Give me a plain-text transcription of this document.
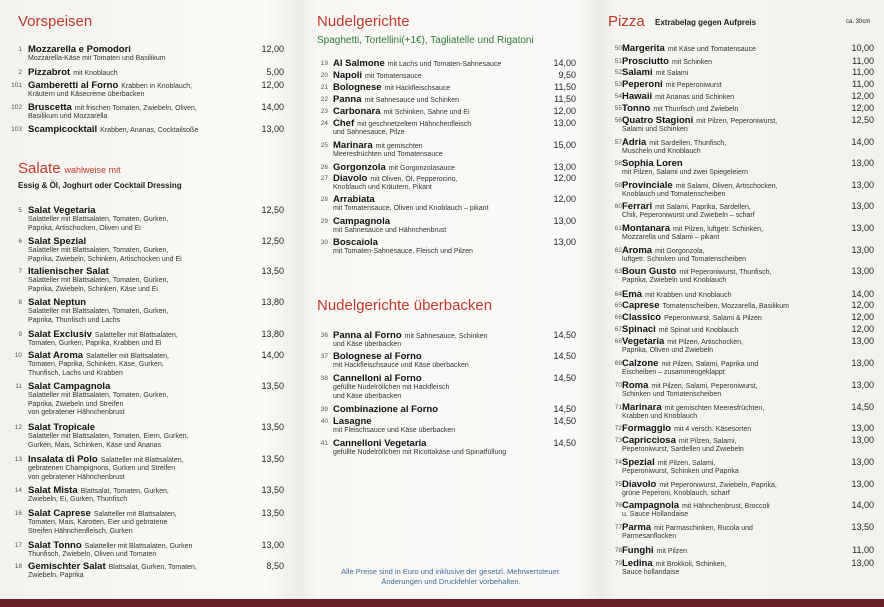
Vorspeisen
1 Mozzarella e Pomodori
Mozzarella-Käse mit Tomaten und Basilikum
12,00
2 Pizzabrot mit Knoblauch	5,00
101 Gamberetti al Forno Krabben in Knoblauch,
Kräutern und Käsecreme überbacken
12,00
102 Bruscetta mit frischen Tomaten, Zwiebeln, Oliven,
Basilikum und Mozzarella
14,00
103 Scampicocktail Krabben, Ananas, Cocktailsoße	13,00
Salate wahlweise mit
Essig & Öl, Joghurt oder Cocktail Dressing
5 Salat Vegetaria
Salatteller mit Blattsalaten, Tomaten, Gurken,
Paprika, Artischocken, Oliven und Ei
12,50
6 Salat Spezial
Salatteller mit Blattsalaten, Tomaten, Gurken,
Paprika, Zwiebeln, Schinken, Artischocken und Ei
12,50
7 Italienischer Salat
Salatteller mit Blattsalaten, Tomaten, Gurken,
Paprika, Zwiebeln, Schinken, Käse und Ei
13,50
8 Salat Neptun
Salatteller mit Blattsalaten, Tomaten, Gurken,
Paprika, Thunfisch und Lachs
13,80
9 Salat Exclusiv Salatteller mit Blattsalaten,
Tomaten, Gurken, Paprika, Krabben und Ei
13,80
10 Salat Aroma Salatteller mit Blattsalaten,
Tomaten, Paprika, Schinken, Käse, Gurken,
Thunfisch, Lachs und Krabben
14,00
11 Salat Campagnola
Salatteller mit Blattsalaten, Tomaten, Gurken,
Paprika, Zwiebeln und Streifen
von gebratener Hähnchenbrust
13,50
12 Salat Tropicale
Salatteller mit Blattsalaten, Tomaten, Eiern, Gurken,
Gurken, Mais, Schinken, Käse und Ananas
13,50
13 Insalata di Polo Salatteller mit Blattsalaten,
gebratenen Champignons, Gurken und Streifen
von gebratener Hähnchenbrust
13,50
14 Salat Mista Blattsalat, Tomaten, Gurken,
Zwiebeln, Ei, Gurken, Thunfisch
13,50
16 Salat Caprese Salatteller mit Blattsalaten,
Tomaten, Mais, Karotten, Eier und gebratene
Streifen Hähnchenfleisch, Gurken
13,50
17 Salat Tonno Salatteller mit Blattsalaten, Gurken
Thunfisch, Zwiebeln, Oliven und Tomaten
13,00
18 Gemischter Salat Blattsalat, Gurken, Tomaten,
Zwiebeln, Paprika
8,50
Nudelgerichte
Spaghetti, Tortellini(+1€), Tagliatelle und Rigatoni
19 Al Salmone mit Lachs und Tomaten-Sahnesauce	14,00
20 Napoli mit Tomatensauce	9,50
21 Bolognese mit Hackfleischsauce	11,50
22 Panna mit Sahnesauce und Schinken	11,50
23 Carbonara mit Schinken, Sahne und Ei	12,00
24 Chef mit geschnetzeltem Hähnchenfleisch
und Sahnesauce, Pilze
13,00
25 Marinara mit gemischten
Meeresfrüchten und Tomatensauce
15,00
26 Gorgonzola mit Gorgonzolasauce	13,00
27 Diavolo mit Oliven, Öl, Pepperocino,
Knoblauch und Kräutern, Pikant
12,00
28 Arrabiata
mit Tomatensauce, Oliven und Knoblauch – pikant
12,00
29 Campagnola
mit Sahnesauce und Hähnchenbrust
13,00
30 Boscaiola
mit Tomaten-Sahnesauce, Fleisch und Pilzen
13,00
Nudelgerichte überbacken
36 Panna al Forno mit Sahnesauce, Schinken
und Käse überbacken
14,50
37 Bolognese al Forno
mit Hackfleischsauce und Käse überbacken
14,50
38 Cannelloni al Forno
gefüllte Nudelröllchen mit Hackfleisch
und Käse überbacken
14,50
39 Combinazione al Forno	14,50
40 Lasagne
mit Fleischsauce und Käse überbacken
14,50
41 Cannelloni Vegetaria
gefüllte Nudelröllchen mit Ricottakäse und Spinatfüllung
14,50
Alle Preise sind in Euro und inklusive der gesetzl. Mehrwertsteuer.
Änderungen und Druckfehler vorbehalten.
Pizza Extrabelag gegen Aufpreis	ca. 30cm
50 Margerita mit Käse und Tomatensauce	10,00
51 Prosciutto mit Schinken	11,00
52 Salami mit Salami	11,00
53 Peperoni mit Peperoniwurst	11,00
54 Hawaii mit Ananas und Schinken	12,00
55 Tonno mit Thunfisch und Zwiebeln	12,00
56 Quatro Stagioni mit Pilzen, Peperoniwurst,
Salami und Schinken
12,50
57 Adria mit Sardellen, Thunfisch,
Muscheln und Knoblauch
14,00
58 Sophia Loren
mit Pilzen, Salami und zwei Spiegeleiern
13,00
59 Provinciale mit Salami, Oliven, Artischocken,
Knoblauch und Tomatenscheiben
13,00
60 Ferrari mit Salami, Paprika, Sardellen,
Chili, Peperoniwurst und Zwiebeln – scharf
13,00
61 Montanara mit Pilzen, luftgetr. Schinken,
Mozzarella und Salami – pikant
13,00
62 Aroma mit Gorgonzola,
luftgetr. Schinken und Tomatenscheiben
13,00
63 Boun Gusto mit Peperoniwurst, Thunfisch,
Paprika, Zwiebeln und Knoblauch
13,00
64 Ema mit Krabben und Knoblauch	14,00
65 Caprese Tomatenscheiben, Mozzarella, Basilikum	12,00
66 Classico Peperoniwurst, Salami & Pilzen	12,00
67 Spinaci mit Spinat und Knoblauch	12,00
68 Vegetaria mit Pilzen, Artischocken,
Paprika, Oliven und Zwiebeln
13,00
69 Calzone mit Pilzen, Salami, Paprika und
Eischeiben – zusammengeklappt
13,00
70 Roma mit Pilzen, Salami, Peperoniwurst,
Schinken und Tomatenscheiben
13,00
71 Marinara mit gemischten Meeresfrüchten,
Krabben und Knoblauch
14,50
72 Formaggio mit 4 versch. Käsesorten	13,00
73 Capricciosa mit Pilzen, Salami,
Peperoniwurst, Sardellen und Zwiebeln
13,00
74 Spezial mit Pilzen, Salami,
Peperoniwurst, Schinken und Paprika
13,00
75 Diavolo mit Peperoniwurst, Zwiebeln, Paprika,
grüne Peperoni, Knoblauch, scharf
13,00
76 Campagnola mit Hähnchenbrust, Broccoli
u. Sauce Hollandaise
14,00
77 Parma mit Parmaschinken, Rucola und
Parmesanflocken
13,50
78 Funghi mit Pilzen	11,00
79 Ledina mit Brokkoli, Schinken,
Sauce hollandaise
13,00
